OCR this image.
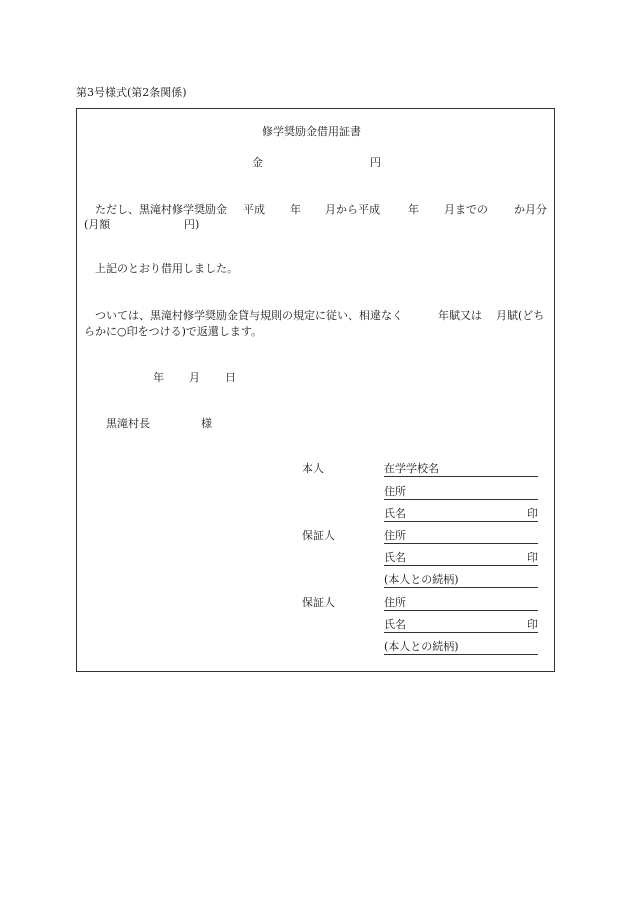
第3号様式(第2条関係)
修学奨励金借用証書
金	円
ただし、黒滝村修学奨励金 平成 年 月から平成	年 月までの か月分
(月額	円)
上記のとおり借用しました。
ついては、黒滝村修学奨励金貸与規則の規定に従い、相違なく	年賦又は 月賦(どち
らかに○印をつける)で返還します。
年 月 日
黒滝村長	様
本人	在学学校名
住所
氏名	印
保証人	住所
氏名	印
(本人との続柄)
保証人	住所
氏名	印
(本人との続柄)
